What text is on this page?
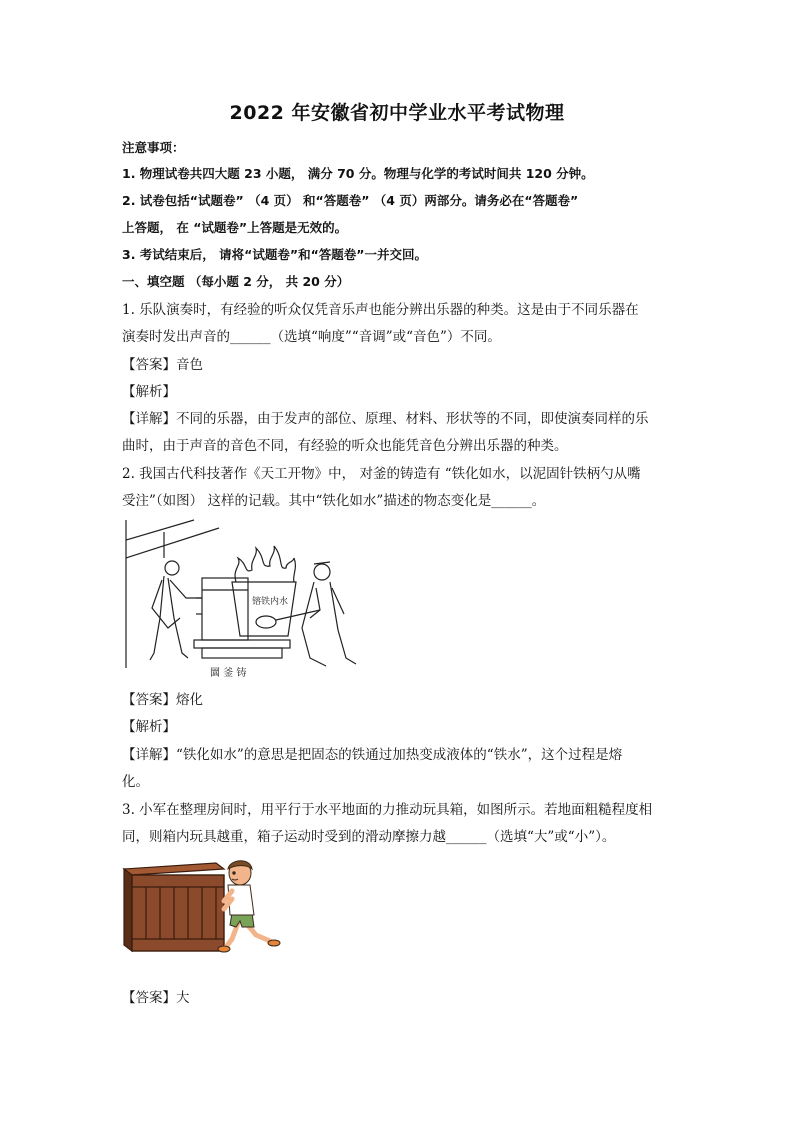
2022 年安徽省初中学业水平考试物理
注意事项：
1. 物理试卷共四大题 23 小题， 满分 70 分。物理与化学的考试时间共 120 分钟。
2. 试卷包括“试题卷” （4 页） 和“答题卷” （4 页）两部分。请务必在“答题卷”
上答题， 在 “试题卷”上答题是无效的。
3. 考试结束后， 请将“试题卷”和“答题卷”一并交回。
一、填空题 （每小题 2 分， 共 20 分）
1. 乐队演奏时，有经验的听众仅凭音乐声也能分辨出乐器的种类。这是由于不同乐器在
演奏时发出声音的______（选填“响度”“音调”或“音色”）不同。
【答案】音色
【解析】
【详解】不同的乐器，由于发声的部位、原理、材料、形状等的不同，即使演奏同样的乐
曲时，由于声音的音色不同，有经验的听众也能凭音色分辨出乐器的种类。
2. 我国古代科技著作《天工开物》中， 对釜的铸造有 “铁化如水，以泥固针铁柄勺从嘴
受注”（如图） 这样的记载。其中“铁化如水”描述的物态变化是______。
镕铁内水
圜 釜 铸
【答案】熔化
【解析】
【详解】“铁化如水”的意思是把固态的铁通过加热变成液体的“铁水”，这个过程是熔
化。
3. 小军在整理房间时，用平行于水平地面的力推动玩具箱，如图所示。若地面粗糙程度相
同，则箱内玩具越重，箱子运动时受到的滑动摩擦力越______（选填“大”或“小”）。
【答案】大
